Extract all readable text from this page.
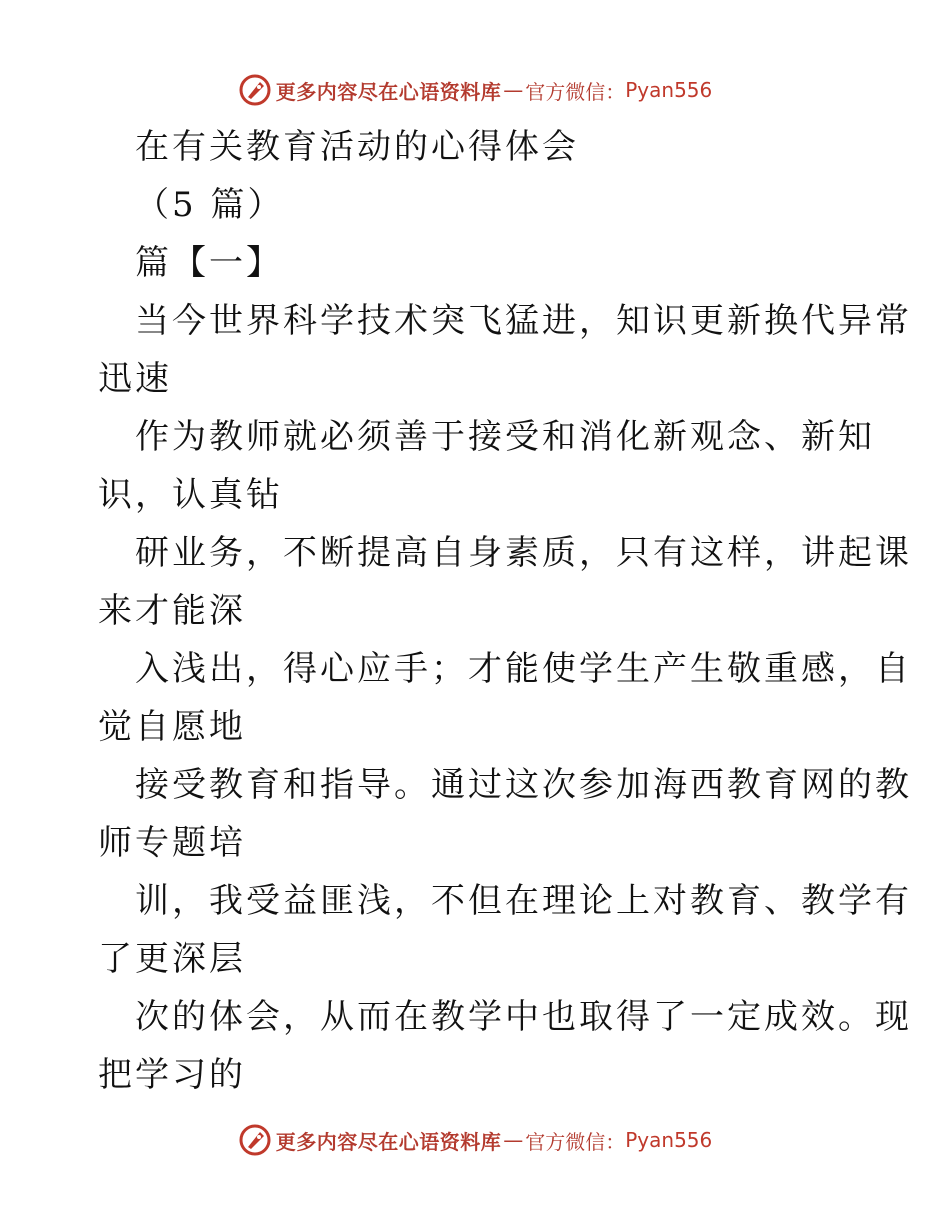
更多内容尽在心语资料库 — 官方微信： Pyan556
在有关教育活动的心得体会
（5 篇）
篇【一】
当今世界科学技术突飞猛进，知识更新换代异常
迅速
作为教师就必须善于接受和消化新观念、新知
识，认真钻
研业务，不断提高自身素质，只有这样，讲起课
来才能深
入浅出，得心应手；才能使学生产生敬重感，自
觉自愿地
接受教育和指导。通过这次参加海西教育网的教
师专题培
训，我受益匪浅，不但在理论上对教育、教学有
了更深层
次的体会，从而在教学中也取得了一定成效。现
把学习的
更多内容尽在心语资料库 — 官方微信： Pyan556
